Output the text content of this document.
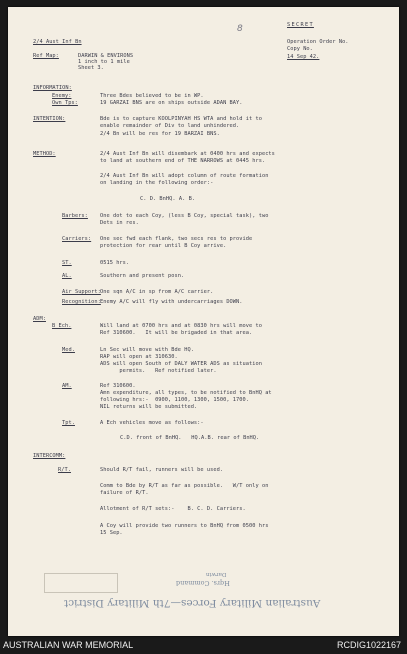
2/4 Aust Inf Bn
8	SECRET
Operation Order No.
Copy No.
14 Sep 42.
Ref Map:	DARWIN & ENVIRONS
1 inch to 1 mile
Sheet 3.
INFORMATION:
Enemy:	Three Bdes believed to be in WP.
Own Tps:	19 GARZAI BNS are on ships outside ADAN BAY.
INTENTION:	Bde is to capture KOOLPINYAH HS WTA and hold it to
enable remainder of Div to land unhindered.
2/4 Bn will be res for 19 BARZAI BNS.
METHOD:	2/4 Aust Inf Bn will disembark at 0400 hrs and expects
to land at southern end of THE NARROWS at 0445 hrs.
2/4 Aust Inf Bn will adopt column of route formation
on landing in the following order:-
C. D. BnHQ. A. B.
Barbers: One dot to each Coy, (less B Coy, special task), two
Dets in res.
Carriers: One sec fwd each flank, two secs res to provide
protection for rear until B Coy arrive.
ST.	0515 hrs.
AL.	Southern and present posn.
Air Support: One sqn A/C in sp from A/C carrier.
Recognition: Enemy A/C will fly with undercarriages DOWN.
ADM:
B Ech.	Will land at 0700 hrs and at 0830 hrs will move to
Ref 310600.   It will be brigaded in that area.
Med.	Ln Sec will move with Bde HQ.
RAP will open at 310630.
ADS will open South of DALY WATER ADS as situation
permits.   Ref notified later.
AM.	Ref 310600.
Amn expenditure, all types, to be notified to BnHQ at
following hrs:-  0900, 1100, 1300, 1500, 1700.
NIL returns will be submitted.
Tpt.	A Ech vehicles move as follows:-
C.D. front of BnHQ.   HQ.A.B. rear of BnHQ.
INTERCOMM:
R/T.	Should R/T fail, runners will be used.
Comm to Bde by R/T as far as possible.   W/T only on
failure of R/T.
Allotment of R/T sets:-    B. C. D. Carriers.
A Coy will provide two runners to BnHQ from 0500 hrs
15 Sep.
Australian Military Forces—7th Military District
Hqrs. Command
Darwin
AUSTRALIAN WAR MEMORIAL	RCDIG1022167
